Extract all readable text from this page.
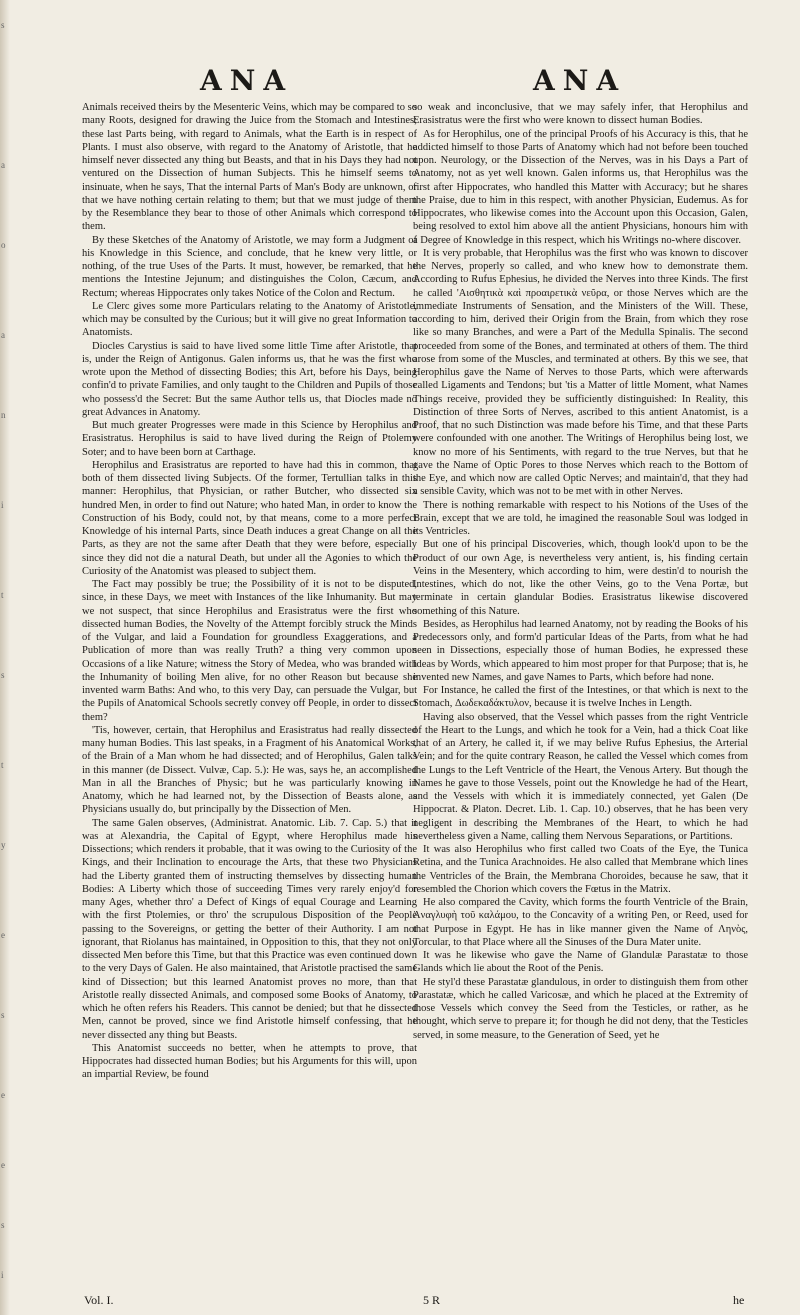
s
a
o
a
n
i
t
s
t
y
e
s
e
e
s
i
ANA	ANA

Animals received theirs by the Mesenteric Veins, which may be compared to so many Roots, designed for drawing the Juice from the Stomach and Intestines; these last Parts being, with regard to Animals, what the Earth is in respect of Plants. I must also observe, with regard to the Anatomy of Aristotle, that he himself never dissected any thing but Beasts, and that in his Days they had not ventured on the Dissection of human Subjects. This he himself seems to insinuate, when he says, That the internal Parts of Man's Body are unknown, or that we have nothing certain relating to them; but that we must judge of them by the Resemblance they bear to those of other Animals which correspond to them.

By these Sketches of the Anatomy of Aristotle, we may form a Judgment of his Knowledge in this Science, and conclude, that he knew very little, or nothing, of the true Uses of the Parts. It must, however, be remarked, that he mentions the Intestine Jejunum; and distinguishes the Colon, Cæcum, and Rectum; whereas Hippocrates only takes Notice of the Colon and Rectum.

Le Clerc gives some more Particulars relating to the Anatomy of Aristotle, which may be consulted by the Curious; but it will give no great Information to Anatomists.

Diocles Carystius is said to have lived some little Time after Aristotle, that is, under the Reign of Antigonus. Galen informs us, that he was the first who wrote upon the Method of dissecting Bodies; this Art, before his Days, being confin'd to private Families, and only taught to the Children and Pupils of those who possess'd the Secret: But the same Author tells us, that Diocles made no great Advances in Anatomy.

But much greater Progresses were made in this Science by Herophilus and Erasistratus. Herophilus is said to have lived during the Reign of Ptolemy Soter; and to have been born at Carthage.

Herophilus and Erasistratus are reported to have had this in common, that both of them dissected living Subjects. Of the former, Tertullian talks in this manner: Herophilus, that Physician, or rather Butcher, who dissected six hundred Men, in order to find out Nature; who hated Man, in order to know the Construction of his Body, could not, by that means, come to a more perfect Knowledge of his internal Parts, since Death induces a great Change on all the Parts, as they are not the same after Death that they were before, especially since they did not die a natural Death, but under all the Agonies to which the Curiosity of the Anatomist was pleased to subject them.

The Fact may possibly be true; the Possibility of it is not to be disputed, since, in these Days, we meet with Instances of the like Inhumanity. But may we not suspect, that since Herophilus and Erasistratus were the first who dissected human Bodies, the Novelty of the Attempt forcibly struck the Minds of the Vulgar, and laid a Foundation for groundless Exaggerations, and a Publication of more than was really Truth? a thing very common upon Occasions of a like Nature; witness the Story of Medea, who was branded with the Inhumanity of boiling Men alive, for no other Reason but because she invented warm Baths: And who, to this very Day, can persuade the Vulgar, but the Pupils of Anatomical Schools secretly convey off People, in order to dissect them?

'Tis, however, certain, that Herophilus and Erasistratus had really dissected many human Bodies. This last speaks, in a Fragment of his Anatomical Works, of the Brain of a Man whom he had dissected; and of Herophilus, Galen talks in this manner (de Dissect. Vulvæ, Cap. 5.): He was, says he, an accomplished Man in all the Branches of Physic; but he was particularly knowing in Anatomy, which he had learned not, by the Dissection of Beasts alone, as Physicians usually do, but principally by the Dissection of Men.

The same Galen observes, (Administrat. Anatomic. Lib. 7. Cap. 5.) that it was at Alexandria, the Capital of Egypt, where Herophilus made his Dissections; which renders it probable, that it was owing to the Curiosity of the Kings, and their Inclination to encourage the Arts, that these two Physicians had the Liberty granted them of instructing themselves by dissecting human Bodies: A Liberty which those of succeeding Times very rarely enjoy'd for many Ages, whether thro' a Defect of Kings of equal Courage and Learning with the first Ptolemies, or thro' the scrupulous Disposition of the People passing to the Sovereigns, or getting the better of their Authority. I am not ignorant, that Riolanus has maintained, in Opposition to this, that they not only dissected Men before this Time, but that this Practice was even continued down to the very Days of Galen. He also maintained, that Aristotle practised the same kind of Dissection; but this learned Anatomist proves no more, than that Aristotle really dissected Animals, and composed some Books of Anatomy, to which he often refers his Readers. This cannot be denied; but that he dissected Men, cannot be proved, since we find Aristotle himself confessing, that he never dissected any thing but Beasts.

This Anatomist succeeds no better, when he attempts to prove, that Hippocrates had dissected human Bodies; but his Arguments for this will, upon an impartial Review, be found

so weak and inconclusive, that we may safely infer, that Herophilus and Erasistratus were the first who were known to dissect human Bodies.

As for Herophilus, one of the principal Proofs of his Accuracy is this, that he addicted himself to those Parts of Anatomy which had not before been touched upon. Neurology, or the Dissection of the Nerves, was in his Days a Part of Anatomy, not as yet well known. Galen informs us, that Herophilus was the first after Hippocrates, who handled this Matter with Accuracy; but he shares the Praise, due to him in this respect, with another Physician, Eudemus. As for Hippocrates, who likewise comes into the Account upon this Occasion, Galen, being resolved to extol him above all the antient Physicians, honours him with a Degree of Knowledge in this respect, which his Writings no-where discover.

It is very probable, that Herophilus was the first who was known to discover the Nerves, properly so called, and who knew how to demonstrate them. According to Rufus Ephesius, he divided the Nerves into three Kinds. The first he called 'Αισθητικὰ καὶ προαιρετικὰ νεῦρα, or those Nerves which are the immediate Instruments of Sensation, and the Ministers of the Will. These, according to him, derived their Origin from the Brain, from which they rose like so many Branches, and were a Part of the Medulla Spinalis. The second proceeded from some of the Bones, and terminated at others of them. The third arose from some of the Muscles, and terminated at others. By this we see, that Herophilus gave the Name of Nerves to those Parts, which were afterwards called Ligaments and Tendons; but 'tis a Matter of little Moment, what Names Things receive, provided they be sufficiently distinguished: In Reality, this Distinction of three Sorts of Nerves, ascribed to this antient Anatomist, is a Proof, that no such Distinction was made before his Time, and that these Parts were confounded with one another. The Writings of Herophilus being lost, we know no more of his Sentiments, with regard to the true Nerves, but that he gave the Name of Optic Pores to those Nerves which reach to the Bottom of the Eye, and which now are called Optic Nerves; and maintain'd, that they had a sensible Cavity, which was not to be met with in other Nerves.

There is nothing remarkable with respect to his Notions of the Uses of the Brain, except that we are told, he imagined the reasonable Soul was lodged in its Ventricles.

But one of his principal Discoveries, which, though look'd upon to be the Product of our own Age, is nevertheless very antient, is, his finding certain Veins in the Mesentery, which according to him, were destin'd to nourish the Intestines, which do not, like the other Veins, go to the Vena Portæ, but terminate in certain glandular Bodies. Erasistratus likewise discovered something of this Nature.

Besides, as Herophilus had learned Anatomy, not by reading the Books of his Predecessors only, and form'd particular Ideas of the Parts, from what he had seen in Dissections, especially those of human Bodies, he expressed these Ideas by Words, which appeared to him most proper for that Purpose; that is, he invented new Names, and gave Names to Parts, which before had none.

For Instance, he called the first of the Intestines, or that which is next to the Stomach, Δωδεκαδάκτυλον, because it is twelve Inches in Length.

Having also observed, that the Vessel which passes from the right Ventricle of the Heart to the Lungs, and which he took for a Vein, had a thick Coat like that of an Artery, he called it, if we may belive Rufus Ephesius, the Arterial Vein; and for the quite contrary Reason, he called the Vessel which comes from the Lungs to the Left Ventricle of the Heart, the Venous Artery. But though the Names he gave to those Vessels, point out the Knowledge he had of the Heart, and the Vessels with which it is immediately connected, yet Galen (De Hippocrat. & Platon. Decret. Lib. 1. Cap. 10.) observes, that he has been very negligent in describing the Membranes of the Heart, to which he had nevertheless given a Name, calling them Nervous Separations, or Partitions.

It was also Herophilus who first called two Coats of the Eye, the Tunica Retina, and the Tunica Arachnoides. He also called that Membrane which lines the Ventricles of the Brain, the Membrana Choroides, because he saw, that it resembled the Chorion which covers the Fœtus in the Matrix.

He also compared the Cavity, which forms the fourth Ventricle of the Brain, Ἀναγλυφὴ τοῦ καλάμου, to the Concavity of a writing Pen, or Reed, used for that Purpose in Egypt. He has in like manner given the Name of Ληνὸς, Torcular, to that Place where all the Sinuses of the Dura Mater unite.

It was he likewise who gave the Name of Glandulæ Parastatæ to those Glands which lie about the Root of the Penis.

He styl'd these Parastatæ glandulous, in order to distinguish them from other Parastatæ, which he called Varicosæ, and which he placed at the Extremity of those Vessels which convey the Seed from the Testicles, or rather, as he thought, which serve to prepare it; for though he did not deny, that the Testicles served, in some measure, to the Generation of Seed, yet he

Vol. I.	5 R	he
